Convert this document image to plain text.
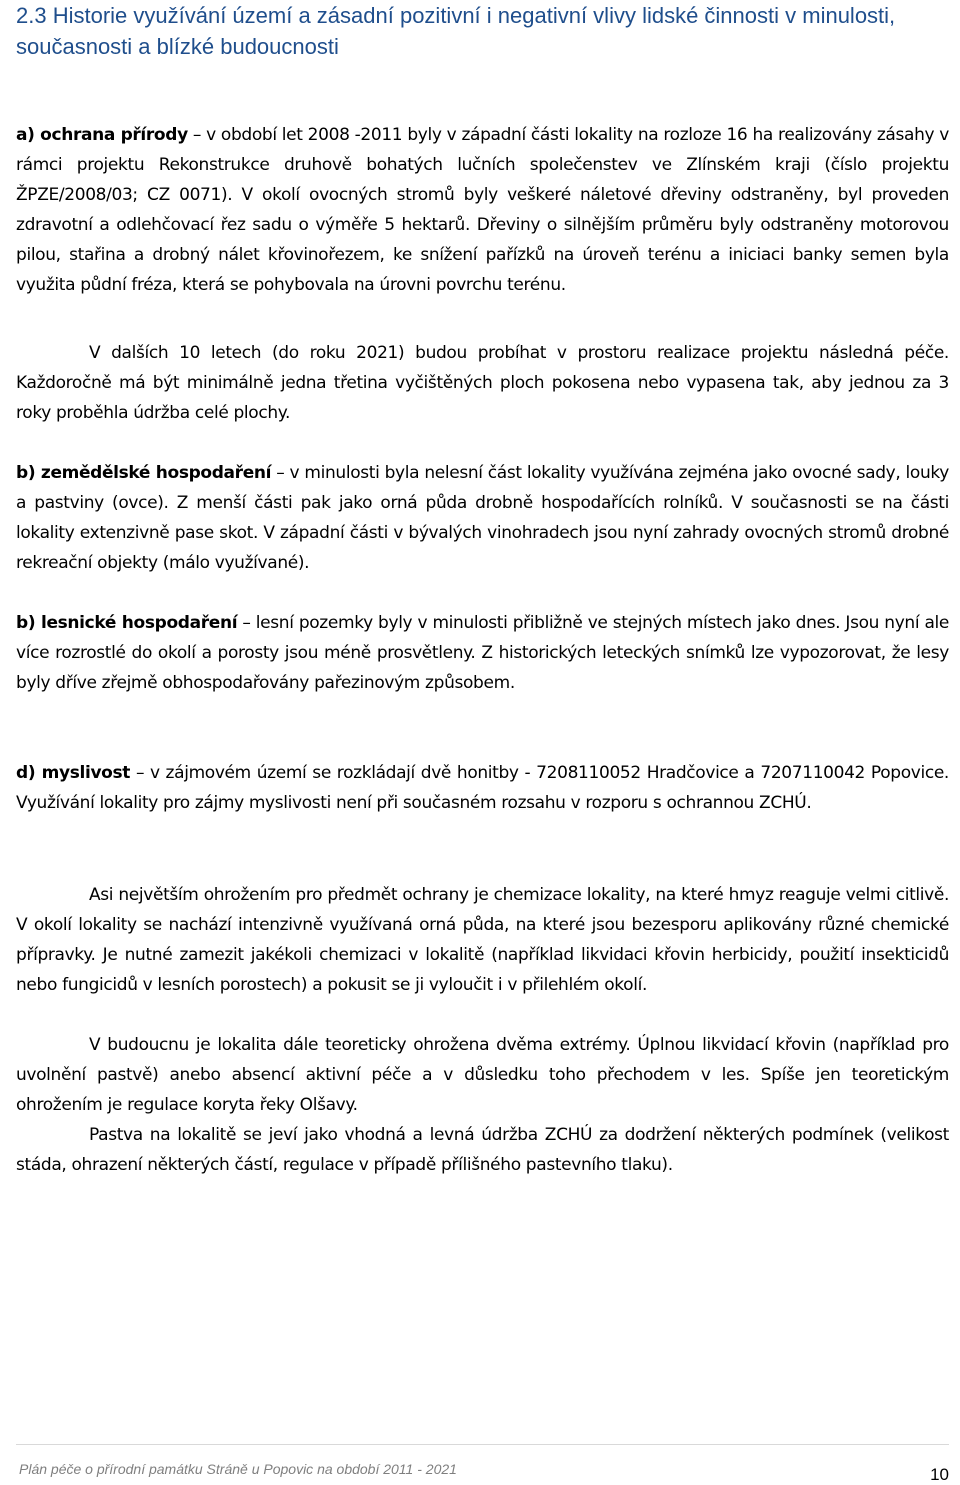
2.3 Historie využívání území a zásadní pozitivní i negativní vlivy lidské činnosti v minulosti, současnosti a blízké budoucnosti

a) ochrana přírody – v období let 2008 -2011 byly v západní části lokality na rozloze 16 ha realizovány zásahy v rámci projektu Rekonstrukce druhově bohatých lučních společenstev ve Zlínském kraji (číslo projektu ŽPZE/2008/03; CZ 0071). V okolí ovocných stromů byly veškeré náletové dřeviny odstraněny, byl proveden zdravotní a odlehčovací řez sadu o výměře 5 hektarů. Dřeviny o silnějším průměru byly odstraněny motorovou pilou, stařina a drobný nálet křovinořezem, ke snížení pařízků na úroveň terénu a iniciaci banky semen byla využita půdní fréza, která se pohybovala na úrovni povrchu terénu.

V dalších 10 letech (do roku 2021) budou probíhat v prostoru realizace projektu následná péče. Každoročně má být minimálně jedna třetina vyčištěných ploch pokosena nebo vypasena tak, aby jednou za 3 roky proběhla údržba celé plochy.

b) zemědělské hospodaření – v minulosti byla nelesní část lokality využívána zejména jako ovocné sady, louky a pastviny (ovce). Z menší části pak jako orná půda drobně hospodařících rolníků. V současnosti se na části lokality extenzivně pase skot. V západní části v bývalých vinohradech jsou nyní zahrady ovocných stromů drobné rekreační objekty (málo využívané).

b) lesnické hospodaření – lesní pozemky byly v minulosti přibližně ve stejných místech jako dnes. Jsou nyní ale více rozrostlé do okolí a porosty jsou méně prosvětleny. Z historických leteckých snímků lze vypozorovat, že lesy byly dříve zřejmě obhospodařovány pařezinovým způsobem.

d) myslivost – v zájmovém území se rozkládají dvě honitby - 7208110052 Hradčovice a 7207110042 Popovice. Využívání lokality pro zájmy myslivosti není při současném rozsahu v rozporu s ochrannou ZCHÚ.

Asi největším ohrožením pro předmět ochrany je chemizace lokality, na které hmyz reaguje velmi citlivě. V okolí lokality se nachází intenzivně využívaná orná půda, na které jsou bezesporu aplikovány různé chemické přípravky. Je nutné zamezit jakékoli chemizaci v lokalitě (například likvidaci křovin herbicidy, použití insekticidů nebo fungicidů v lesních porostech) a pokusit se ji vyloučit i v přilehlém okolí.

V budoucnu je lokalita dále teoreticky ohrožena dvěma extrémy. Úplnou likvidací křovin (například pro uvolnění pastvě) anebo absencí aktivní péče a v důsledku toho přechodem v les. Spíše jen teoretickým ohrožením je regulace koryta řeky Olšavy.

Pastva na lokalitě se jeví jako vhodná a levná údržba ZCHÚ za dodržení některých podmínek (velikost stáda, ohrazení některých částí, regulace v případě přílišného pastevního tlaku).

Plán péče o přírodní památku Stráně u Popovic na období 2011 - 2021	10
